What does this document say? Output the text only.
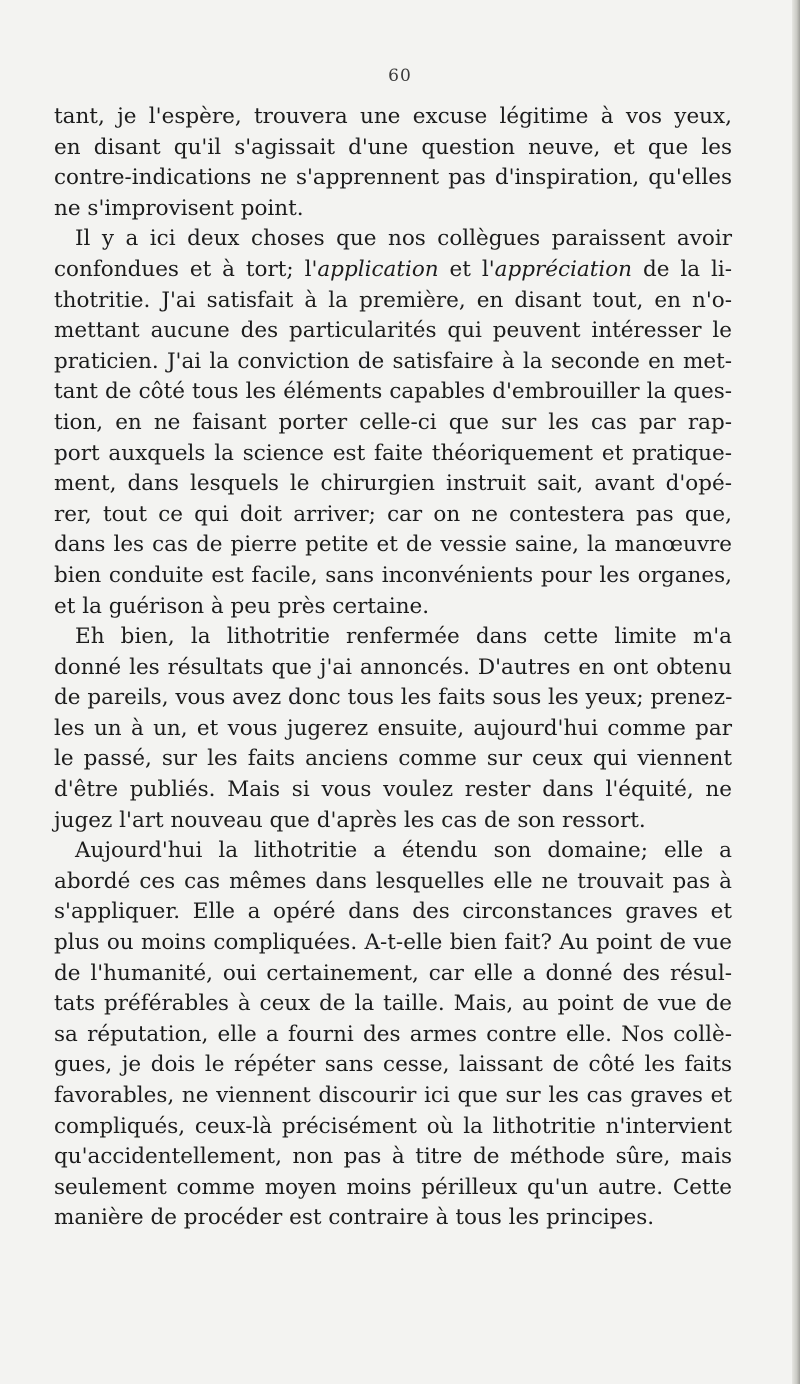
60
tant, je l'espère, trouvera une excuse légitime à vos yeux,
en disant qu'il s'agissait d'une question neuve, et que les
contre-indications ne s'apprennent pas d'inspiration, qu'elles
ne s'improvisent point.
Il y a ici deux choses que nos collègues paraissent avoir
confondues et à tort; l'application et l'appréciation de la li-
thotritie. J'ai satisfait à la première, en disant tout, en n'o-
mettant aucune des particularités qui peuvent intéresser le
praticien. J'ai la conviction de satisfaire à la seconde en met-
tant de côté tous les éléments capables d'embrouiller la ques-
tion, en ne faisant porter celle-ci que sur les cas par rap-
port auxquels la science est faite théoriquement et pratique-
ment, dans lesquels le chirurgien instruit sait, avant d'opé-
rer, tout ce qui doit arriver; car on ne contestera pas que,
dans les cas de pierre petite et de vessie saine, la manœuvre
bien conduite est facile, sans inconvénients pour les organes,
et la guérison à peu près certaine.
Eh bien, la lithotritie renfermée dans cette limite m'a
donné les résultats que j'ai annoncés. D'autres en ont obtenu
de pareils, vous avez donc tous les faits sous les yeux; prenez-
les un à un, et vous jugerez ensuite, aujourd'hui comme par
le passé, sur les faits anciens comme sur ceux qui viennent
d'être publiés. Mais si vous voulez rester dans l'équité, ne
jugez l'art nouveau que d'après les cas de son ressort.
Aujourd'hui la lithotritie a étendu son domaine; elle a
abordé ces cas mêmes dans lesquelles elle ne trouvait pas à
s'appliquer. Elle a opéré dans des circonstances graves et
plus ou moins compliquées. A-t-elle bien fait? Au point de vue
de l'humanité, oui certainement, car elle a donné des résul-
tats préférables à ceux de la taille. Mais, au point de vue de
sa réputation, elle a fourni des armes contre elle. Nos collè-
gues, je dois le répéter sans cesse, laissant de côté les faits
favorables, ne viennent discourir ici que sur les cas graves et
compliqués, ceux-là précisément où la lithotritie n'intervient
qu'accidentellement, non pas à titre de méthode sûre, mais
seulement comme moyen moins périlleux qu'un autre. Cette
manière de procéder est contraire à tous les principes.
